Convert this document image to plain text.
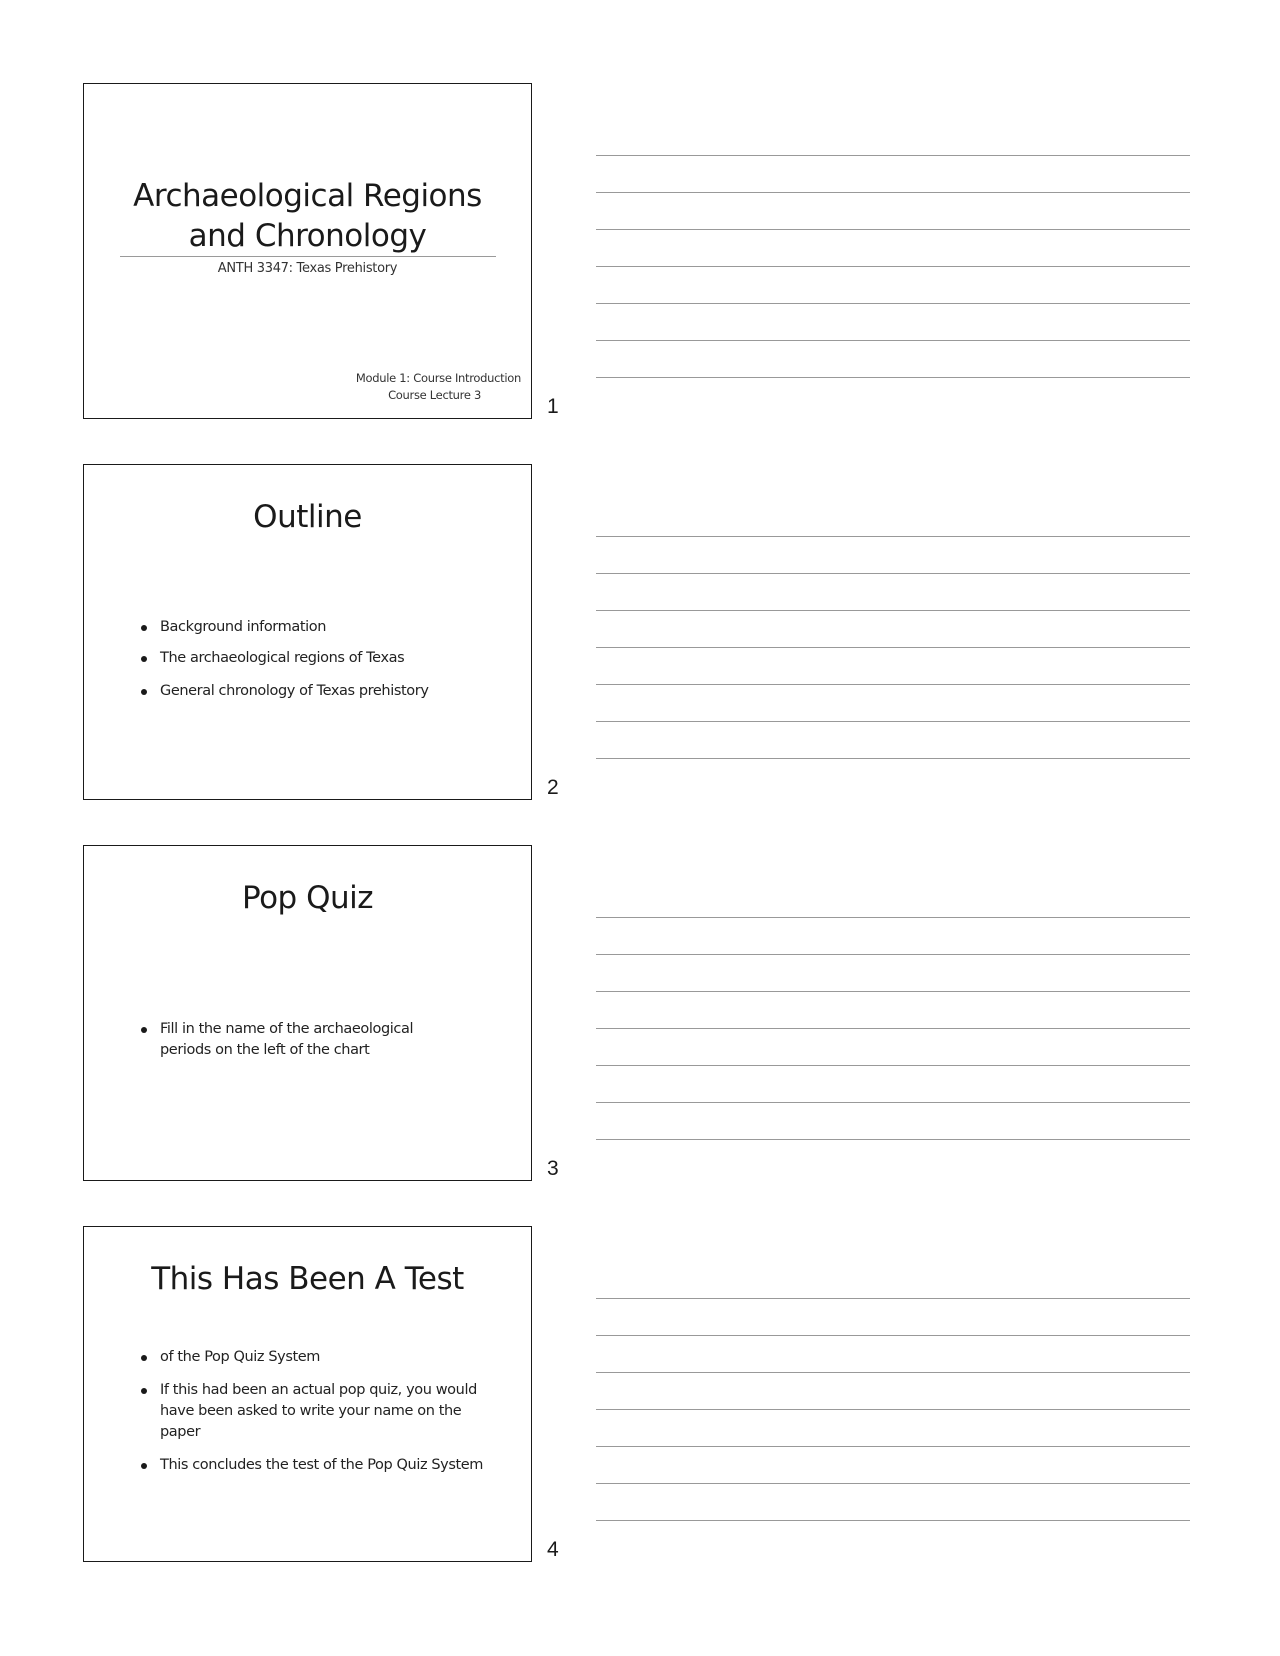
Archaeological Regions
and Chronology
ANTH 3347: Texas Prehistory
Module 1: Course Introduction
Course Lecture 3	1
Outline
Background information
The archaeological regions of Texas
General chronology of Texas prehistory
2
Pop Quiz
Fill in the name of the archaeological periods on the left of the chart
3
This Has Been A Test
of the Pop Quiz System
If this had been an actual pop quiz, you would have been asked to write your name on the paper
This concludes the test of the Pop Quiz System
4
